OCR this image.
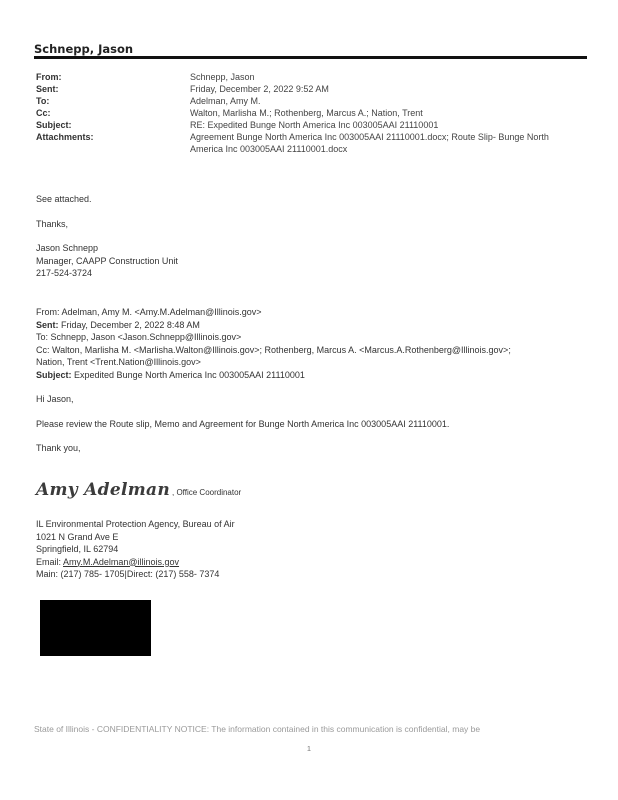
Schnepp, Jason
From:	Schnepp, Jason
Sent:	Friday, December 2, 2022 9:52 AM
To:	Adelman, Amy M.
Cc:	Walton, Marlisha M.; Rothenberg, Marcus A.; Nation, Trent
Subject:	RE: Expedited Bunge North America Inc 003005AAI 21110001
Attachments:	Agreement Bunge North America Inc 003005AAI 21110001.docx; Route Slip- Bunge North America Inc 003005AAI 21110001.docx

See attached.

Thanks,

Jason Schnepp

Manager, CAAPP Construction Unit

217-524-3724

From: Adelman, Amy M. <Amy.M.Adelman@Illinois.gov>

Sent: Friday, December 2, 2022 8:48 AM

To: Schnepp, Jason <Jason.Schnepp@Illinois.gov>

Cc: Walton, Marlisha M. <Marlisha.Walton@Illinois.gov>; Rothenberg, Marcus A. <Marcus.A.Rothenberg@Illinois.gov>;

Nation, Trent <Trent.Nation@Illinois.gov>

Subject: Expedited Bunge North America Inc 003005AAI 21110001

Hi Jason,

Please review the Route slip, Memo and Agreement for Bunge North America Inc 003005AAI 21110001.

Thank you,

Amy Adelman , Office Coordinator

IL Environmental Protection Agency, Bureau of Air

1021 N Grand Ave E

Springfield, IL 62794

Email: Amy.M.Adelman@illinois.gov

Main: (217) 785- 1705|Direct: (217) 558- 7374

State of Illinois - CONFIDENTIALITY NOTICE: The information contained in this communication is confidential, may be
1
